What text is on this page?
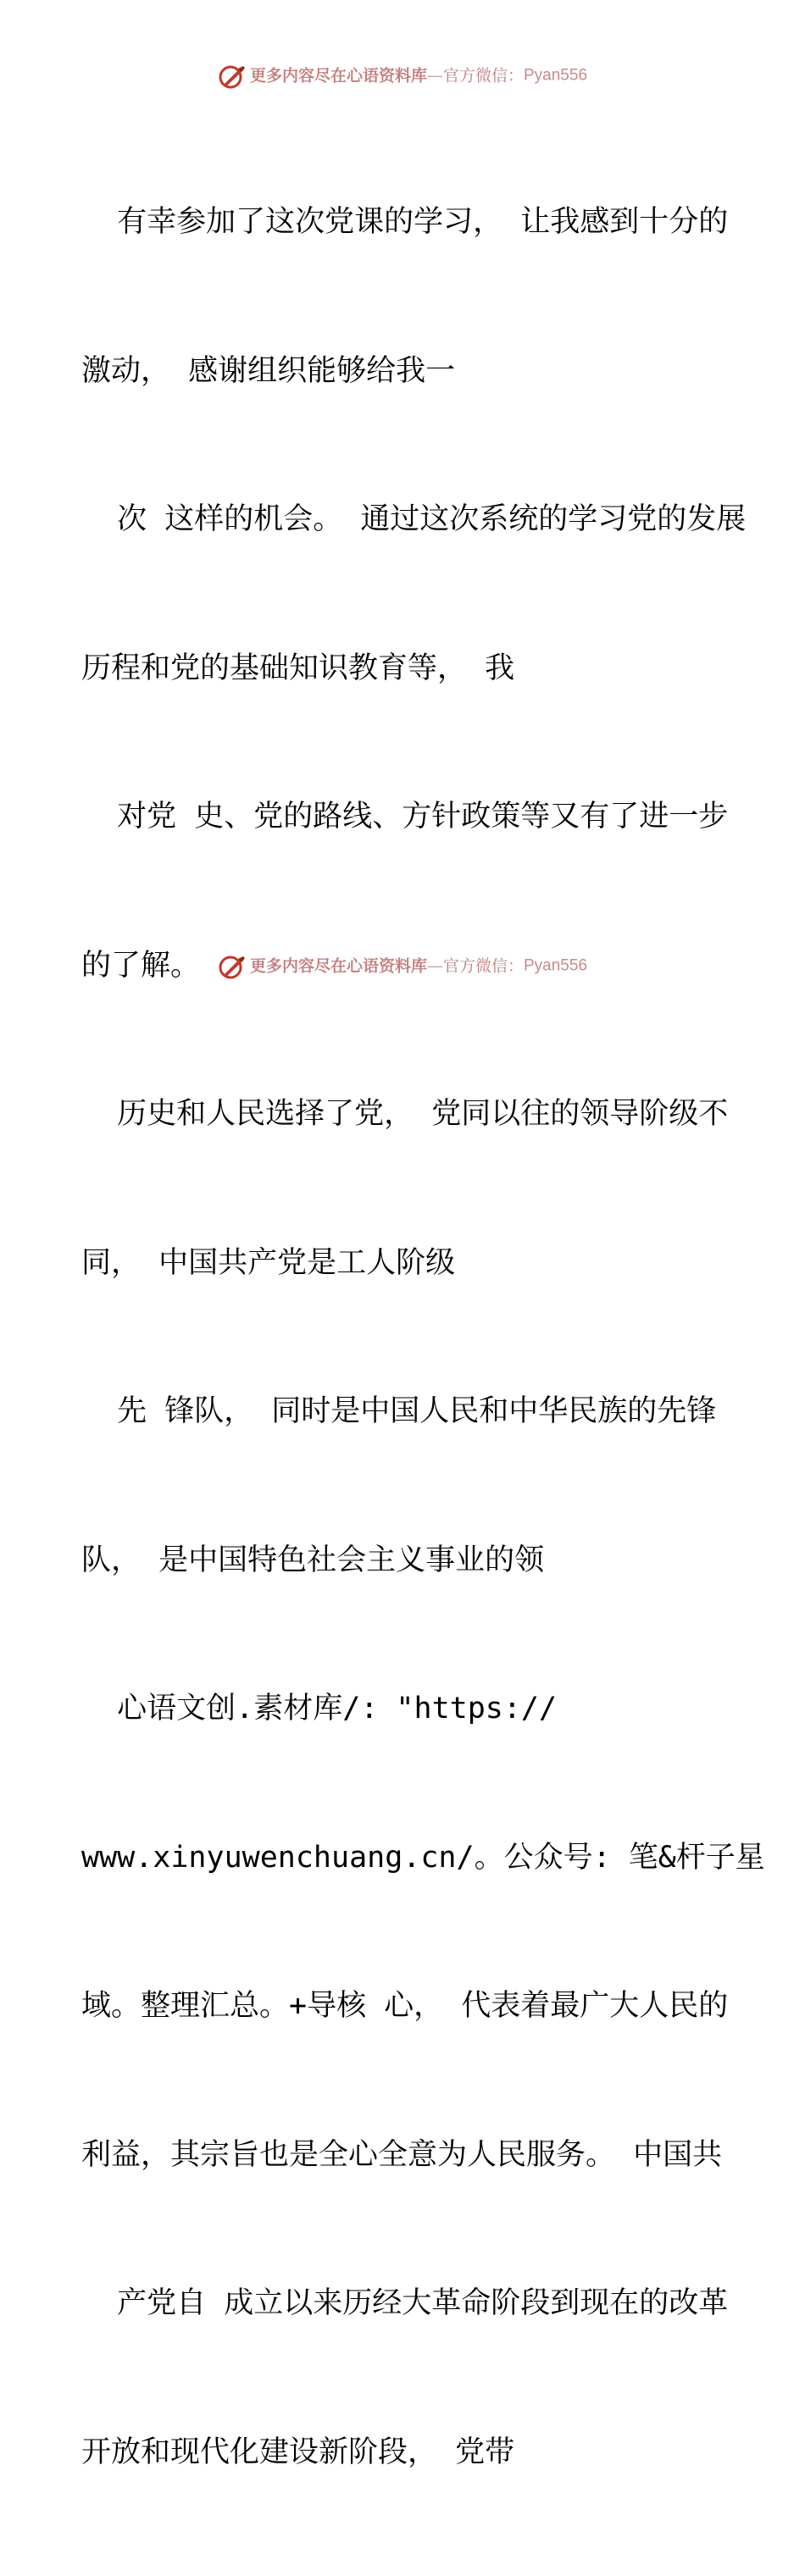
更多内容尽在心语资料库—官方微信：Pyan556

有幸参加了这次党课的学习， 让我感到十分的

激动， 感谢组织能够给我一

次 这样的机会。 通过这次系统的学习党的发展

历程和党的基础知识教育等， 我

对党 史、党的路线、方针政策等又有了进一步

的了解。

历史和人民选择了党， 党同以往的领导阶级不

同， 中国共产党是工人阶级

先 锋队， 同时是中国人民和中华民族的先锋

队， 是中国特色社会主义事业的领

心语文创.素材库/: "https://

www.xinyuwenchuang.cn/。公众号: 笔&杆子星

域。整理汇总。+导核 心， 代表着最广大人民的

利益，其宗旨也是全心全意为人民服务。 中国共

产党自 成立以来历经大革命阶段到现在的改革

开放和现代化建设新阶段， 党带

更多内容尽在心语资料库—官方微信：Pyan556
